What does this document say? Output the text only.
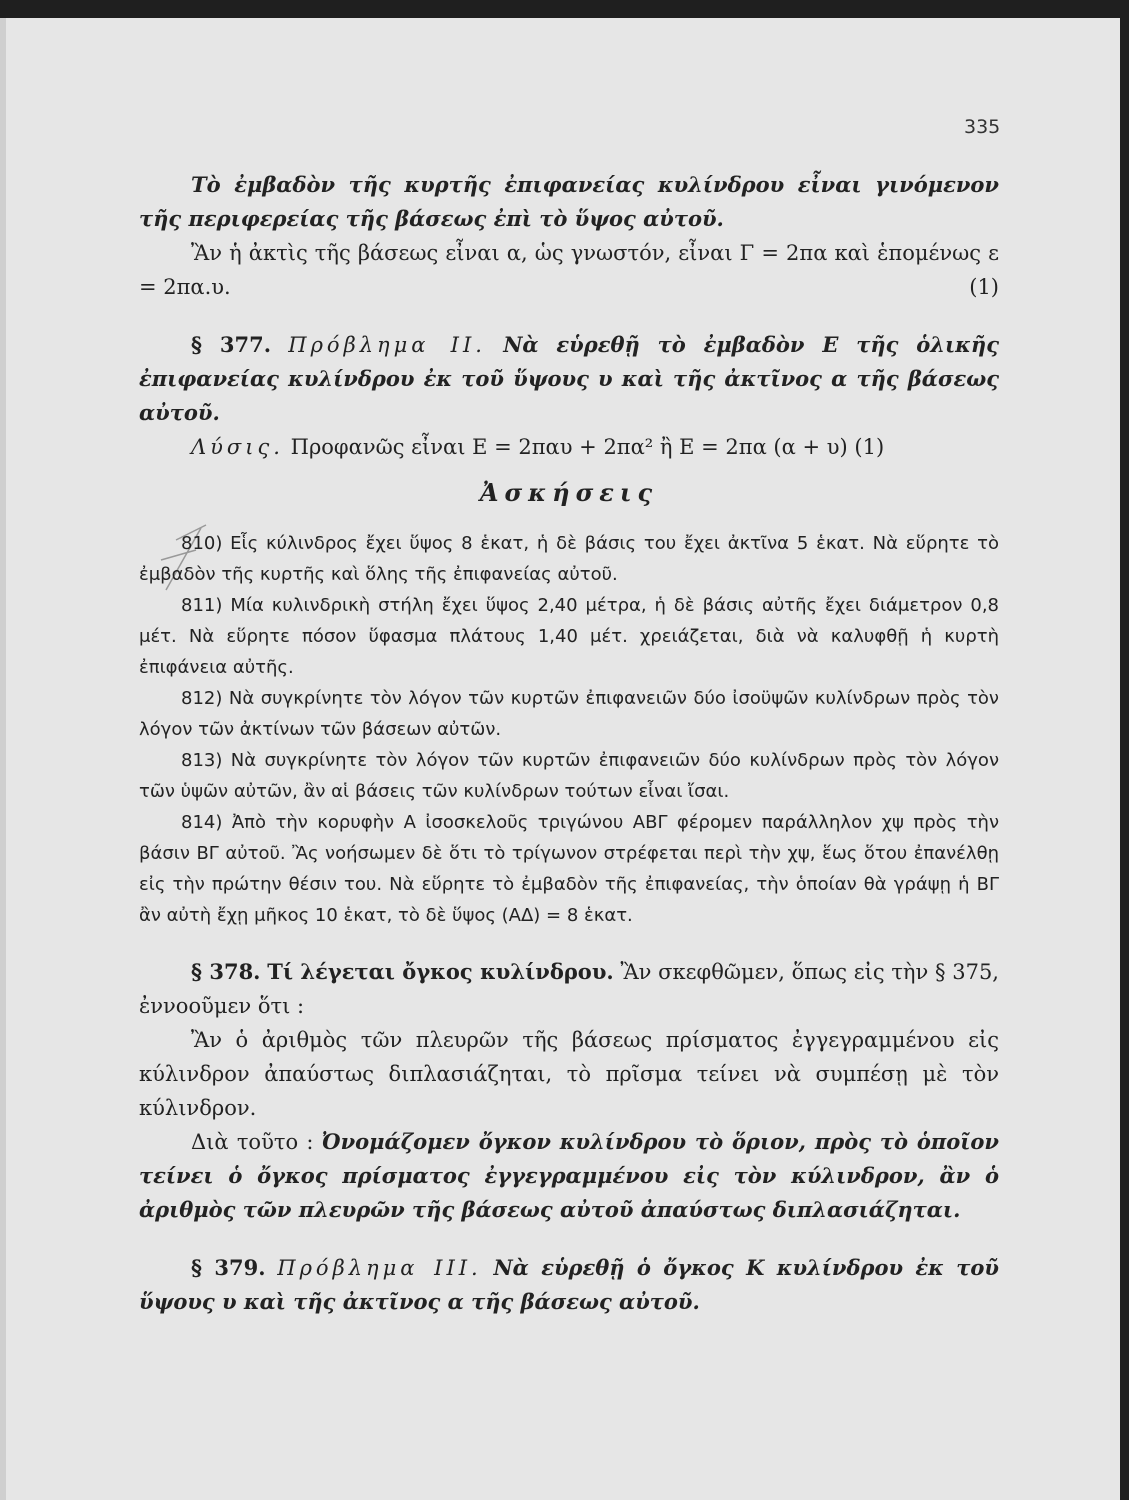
335

Τὸ ἐμβαδὸν τῆς κυρτῆς ἐπιφανείας κυλίνδρου εἶναι γινόμενον τῆς περιφερείας τῆς βάσεως ἐπὶ τὸ ὕψος αὐτοῦ.

Ἂν ἡ ἀκτὶς τῆς βάσεως εἶναι α, ὡς γνωστόν, εἶναι Γ = 2πα καὶ ἑπομένως ε = 2πα.υ.	(1)

§ 377. Πρόβλημα ΙΙ. Νὰ εὑρεθῇ τὸ ἐμβαδὸν Ε τῆς ὁλικῆς ἐπιφανείας κυλίνδρου ἐκ τοῦ ὕψους υ καὶ τῆς ἀκτῖνος α τῆς βάσεως αὐτοῦ.

Λύσις. Προφανῶς εἶναι Ε = 2παυ + 2πα² ἢ Ε = 2πα (α + υ) (1)

Ἀσκήσεις

810) Εἷς κύλινδρος ἔχει ὕψος 8 ἑκατ, ἡ δὲ βάσις του ἔχει ἀκτῖνα 5 ἑκατ. Νὰ εὕρητε τὸ ἐμβαδὸν τῆς κυρτῆς καὶ ὅλης τῆς ἐπιφανείας αὐτοῦ.

811) Μία κυλινδρικὴ στήλη ἔχει ὕψος 2,40 μέτρα, ἡ δὲ βάσις αὐτῆς ἔχει διάμετρον 0,8 μέτ. Νὰ εὕρητε πόσον ὕφασμα πλάτους 1,40 μέτ. χρειάζεται, διὰ νὰ καλυφθῇ ἡ κυρτὴ ἐπιφάνεια αὐτῆς.

812) Νὰ συγκρίνητε τὸν λόγον τῶν κυρτῶν ἐπιφανειῶν δύο ἰσοϋψῶν κυλίνδρων πρὸς τὸν λόγον τῶν ἀκτίνων τῶν βάσεων αὐτῶν.

813) Νὰ συγκρίνητε τὸν λόγον τῶν κυρτῶν ἐπιφανειῶν δύο κυλίνδρων πρὸς τὸν λόγον τῶν ὑψῶν αὐτῶν, ἂν αἱ βάσεις τῶν κυλίνδρων τούτων εἶναι ἴσαι.

814) Ἀπὸ τὴν κορυφὴν Α ἰσοσκελοῦς τριγώνου ΑΒΓ φέρομεν παράλληλον χψ πρὸς τὴν βάσιν ΒΓ αὐτοῦ. Ἂς νοήσωμεν δὲ ὅτι τὸ τρίγωνον στρέφεται περὶ τὴν χψ, ἕως ὅτου ἐπανέλθῃ εἰς τὴν πρώτην θέσιν του. Νὰ εὕρητε τὸ ἐμβαδὸν τῆς ἐπιφανείας, τὴν ὁποίαν θὰ γράψῃ ἡ ΒΓ ἂν αὐτὴ ἔχῃ μῆκος 10 ἑκατ, τὸ δὲ ὕψος (ΑΔ) = 8 ἑκατ.

§ 378. Τί λέγεται ὄγκος κυλίνδρου. Ἂν σκεφθῶμεν, ὅπως εἰς τὴν § 375, ἐννοοῦμεν ὅτι :

Ἂν ὁ ἀριθμὸς τῶν πλευρῶν τῆς βάσεως πρίσματος ἐγγεγραμμένου εἰς κύλινδρον ἀπαύστως διπλασιάζηται, τὸ πρῖσμα τείνει νὰ συμπέσῃ μὲ τὸν κύλινδρον.

Διὰ τοῦτο : Ὀνομάζομεν ὄγκον κυλίνδρου τὸ ὅριον, πρὸς τὸ ὁποῖον τείνει ὁ ὄγκος πρίσματος ἐγγεγραμμένου εἰς τὸν κύλινδρον, ἂν ὁ ἀριθμὸς τῶν πλευρῶν τῆς βάσεως αὐτοῦ ἀπαύστως διπλασιάζηται.

§ 379. Πρόβλημα ΙΙΙ. Νὰ εὑρεθῇ ὁ ὄγκος Κ κυλίνδρου ἐκ τοῦ ὕψους υ καὶ τῆς ἀκτῖνος α τῆς βάσεως αὐτοῦ.
